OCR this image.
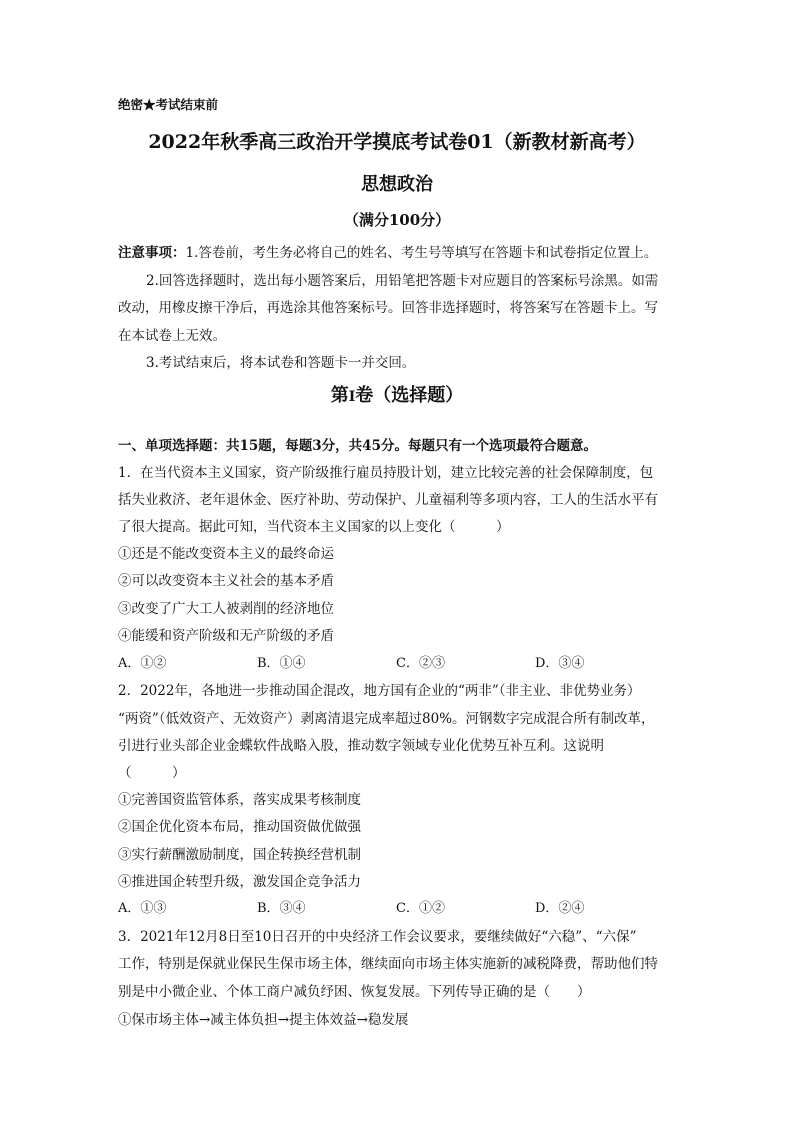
绝密★考试结束前
2022年秋季高三政治开学摸底考试卷01（新教材新高考）
思想政治
（满分100分）
注意事项：1.答卷前，考生务必将自己的姓名、考生号等填写在答题卡和试卷指定位置上。
2.回答选择题时，选出每小题答案后，用铅笔把答题卡对应题目的答案标号涂黑。如需
改动，用橡皮擦干净后，再选涂其他答案标号。回答非选择题时，将答案写在答题卡上。写
在本试卷上无效。
3.考试结束后，将本试卷和答题卡一并交回。
第I卷（选择题）
一、单项选择题：共15题，每题3分，共45分。每题只有一个选项最符合题意。
1．在当代资本主义国家，资产阶级推行雇员持股计划，建立比较完善的社会保障制度，包
括失业救济、老年退休金、医疗补助、劳动保护、儿童福利等多项内容，工人的生活水平有
了很大提高。据此可知，当代资本主义国家的以上变化（　　　）
①还是不能改变资本主义的最终命运
②可以改变资本主义社会的基本矛盾
③改变了广大工人被剥削的经济地位
④能缓和资产阶级和无产阶级的矛盾
A．①②	B．①④	C．②③	D．③④
2．2022年，各地进一步推动国企混改，地方国有企业的“两非”（非主业、非优势业务）
“两资”（低效资产、无效资产）剥离清退完成率超过80%。河钢数字完成混合所有制改革，
引进行业头部企业金蝶软件战略入股，推动数字领域专业化优势互补互利。这说明
（　　　）
①完善国资监管体系，落实成果考核制度
②国企优化资本布局，推动国资做优做强
③实行薪酬激励制度，国企转换经营机制
④推进国企转型升级，激发国企竞争活力
A．①③	B．③④	C．①②	D．②④
3．2021年12月8日至10日召开的中央经济工作会议要求，要继续做好“六稳”、“六保”
工作，特别是保就业保民生保市场主体，继续面向市场主体实施新的减税降费，帮助他们特
别是中小微企业、个体工商户减负纾困、恢复发展。下列传导正确的是（　　）
①保市场主体→减主体负担→提主体效益→稳发展
